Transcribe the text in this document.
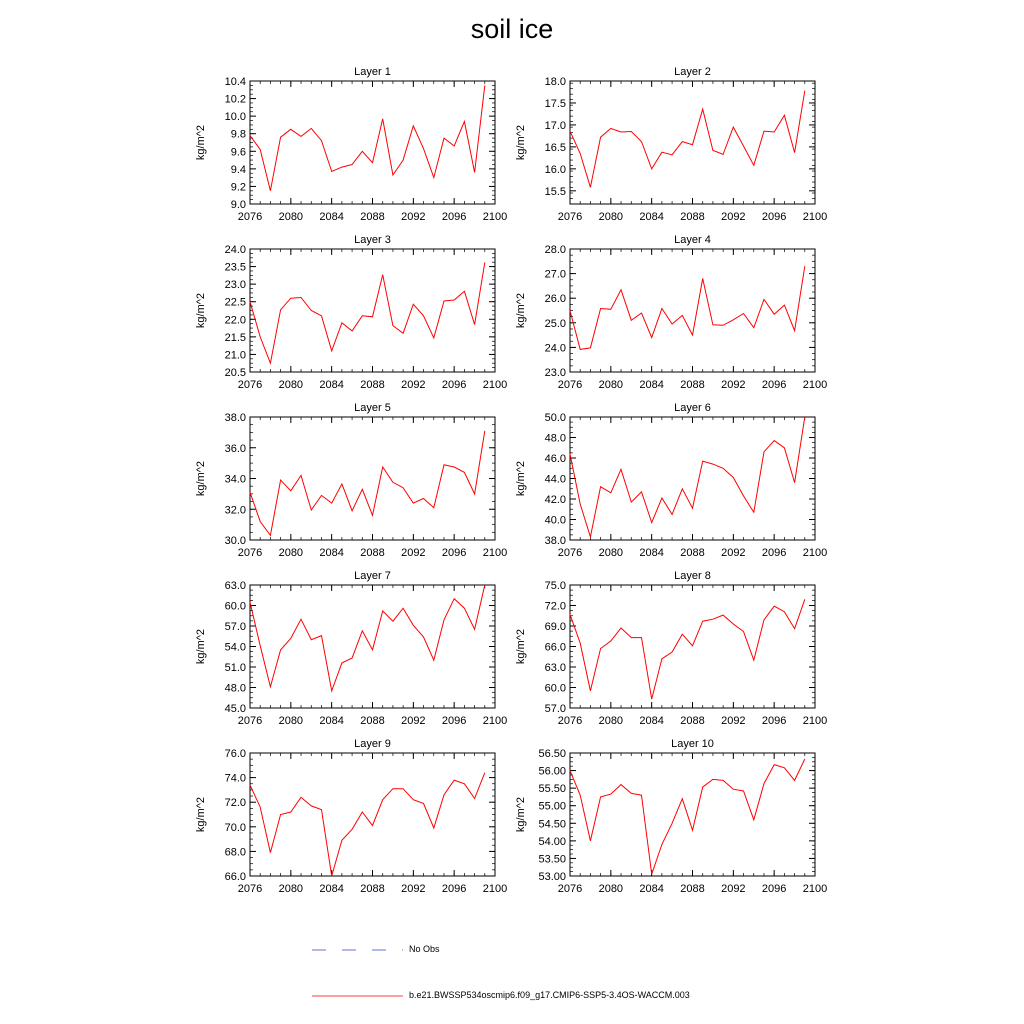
soil ice
Layer 1
kg/m^2
2076 2080 2084 2088 2092 2096 2100
9.0
9.2
9.4
9.6
9.8
10.0
10.2
10.4
Layer 2
kg/m^2
2076 2080 2084 2088 2092 2096 2100
15.5
16.0
16.5
17.0
17.5
18.0
Layer 3
kg/m^2
2076 2080 2084 2088 2092 2096 2100
20.5
21.0
21.5
22.0
22.5
23.0
23.5
24.0
Layer 4
kg/m^2
2076 2080 2084 2088 2092 2096 2100
23.0
24.0
25.0
26.0
27.0
28.0
Layer 5
kg/m^2
2076 2080 2084 2088 2092 2096 2100
30.0
32.0
34.0
36.0
38.0
Layer 6
kg/m^2
2076 2080 2084 2088 2092 2096 2100
38.0
40.0
42.0
44.0
46.0
48.0
50.0
Layer 7
kg/m^2
2076 2080 2084 2088 2092 2096 2100
45.0
48.0
51.0
54.0
57.0
60.0
63.0
Layer 8
kg/m^2
2076 2080 2084 2088 2092 2096 2100
57.0
60.0
63.0
66.0
69.0
72.0
75.0
Layer 9
kg/m^2
2076 2080 2084 2088 2092 2096 2100
66.0
68.0
70.0
72.0
74.0
76.0
Layer 10
kg/m^2
2076 2080 2084 2088 2092 2096 2100
53.00
53.50
54.00
54.50
55.00
55.50
56.00
56.50
No Obs
b.e21.BWSSP534oscmip6.f09_g17.CMIP6-SSP5-3.4OS-WACCM.003
